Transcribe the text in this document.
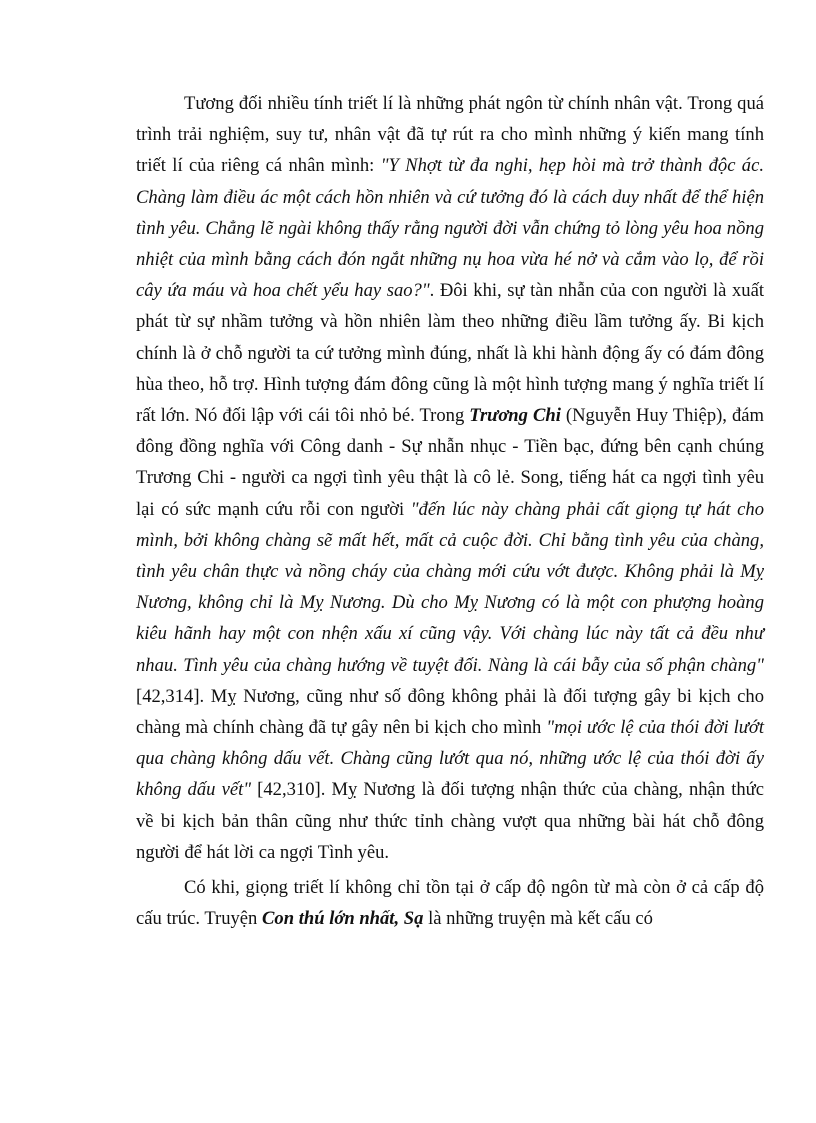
Tương đối nhiều tính triết lí là những phát ngôn từ chính nhân vật. Trong quá trình trải nghiệm, suy tư, nhân vật đã tự rút ra cho mình những ý kiến mang tính triết lí của riêng cá nhân mình: "Y Nhợt từ đa nghi, hẹp hòi mà trở thành độc ác. Chàng làm điều ác một cách hồn nhiên và cứ tưởng đó là cách duy nhất để thể hiện tình yêu. Chẳng lẽ ngài không thấy rằng người đời vẫn chứng tỏ lòng yêu hoa nồng nhiệt của mình bằng cách đón ngắt những nụ hoa vừa hé nở và cắm vào lọ, để rồi cây ứa máu và hoa chết yểu hay sao?". Đôi khi, sự tàn nhẫn của con người là xuất phát từ sự nhầm tưởng và hồn nhiên làm theo những điều lầm tưởng ấy. Bi kịch chính là ở chỗ người ta cứ tưởng mình đúng, nhất là khi hành động ấy có đám đông hùa theo, hỗ trợ. Hình tượng đám đông cũng là một hình tượng mang ý nghĩa triết lí rất lớn. Nó đối lập với cái tôi nhỏ bé. Trong Trương Chi (Nguyễn Huy Thiệp), đám đông đồng nghĩa với Công danh - Sự nhẫn nhục - Tiền bạc, đứng bên cạnh chúng Trương Chi - người ca ngợi tình yêu thật là cô lẻ. Song, tiếng hát ca ngợi tình yêu lại có sức mạnh cứu rỗi con người "đến lúc này chàng phải cất giọng tự hát cho mình, bởi không chàng sẽ mất hết, mất cả cuộc đời. Chỉ bằng tình yêu của chàng, tình yêu chân thực và nồng cháy của chàng mới cứu vớt được. Không phải là Mỵ Nương, không chỉ là Mỵ Nương. Dù cho Mỵ Nương có là một con phượng hoàng kiêu hãnh hay một con nhện xấu xí cũng vậy. Với chàng lúc này tất cả đều như nhau. Tình yêu của chàng hướng về tuyệt đối. Nàng là cái bẫy của số phận chàng" [42,314]. Mỵ Nương, cũng như số đông không phải là đối tượng gây bi kịch cho chàng mà chính chàng đã tự gây nên bi kịch cho mình "mọi ước lệ của thói đời lướt qua chàng không dấu vết. Chàng cũng lướt qua nó, những ước lệ của thói đời ấy không dấu vết" [42,310]. Mỵ Nương là đối tượng nhận thức của chàng, nhận thức về bi kịch bản thân cũng như thức tỉnh chàng vượt qua những bài hát chỗ đông người để hát lời ca ngợi Tình yêu.

Có khi, giọng triết lí không chỉ tồn tại ở cấp độ ngôn từ mà còn ở cả cấp độ cấu trúc. Truyện Con thú lớn nhất, Sạ là những truyện mà kết cấu có
